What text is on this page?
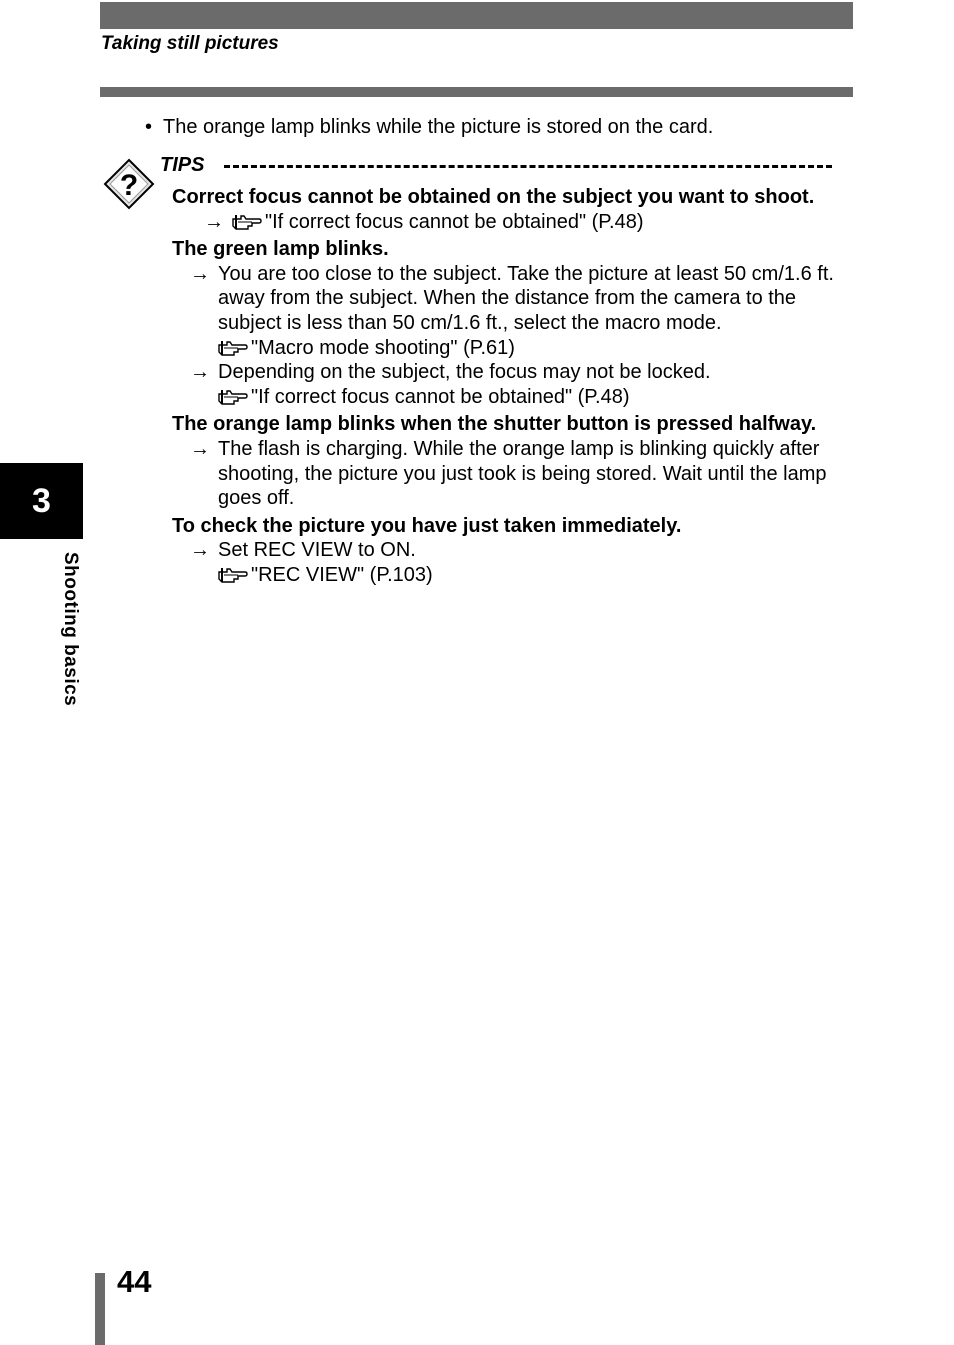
Taking still pictures
• The orange lamp blinks while the picture is stored on the card.
?
TIPS
Correct focus cannot be obtained on the subject you want to shoot.
→ "If correct focus cannot be obtained" (P.48)
The green lamp blinks.
→ You are too close to the subject. Take the picture at least 50 cm/1.6 ft. away from the subject. When the distance from the camera to the subject is less than 50 cm/1.6 ft., select the macro mode.
"Macro mode shooting" (P.61)
→ Depending on the subject, the focus may not be locked.
"If correct focus cannot be obtained" (P.48)
The orange lamp blinks when the shutter button is pressed halfway.
→ The flash is charging. While the orange lamp is blinking quickly after shooting, the picture you just took is being stored. Wait until the lamp goes off.
To check the picture you have just taken immediately.
→ Set REC VIEW to ON.
"REC VIEW" (P.103)
3
Shooting basics
44
